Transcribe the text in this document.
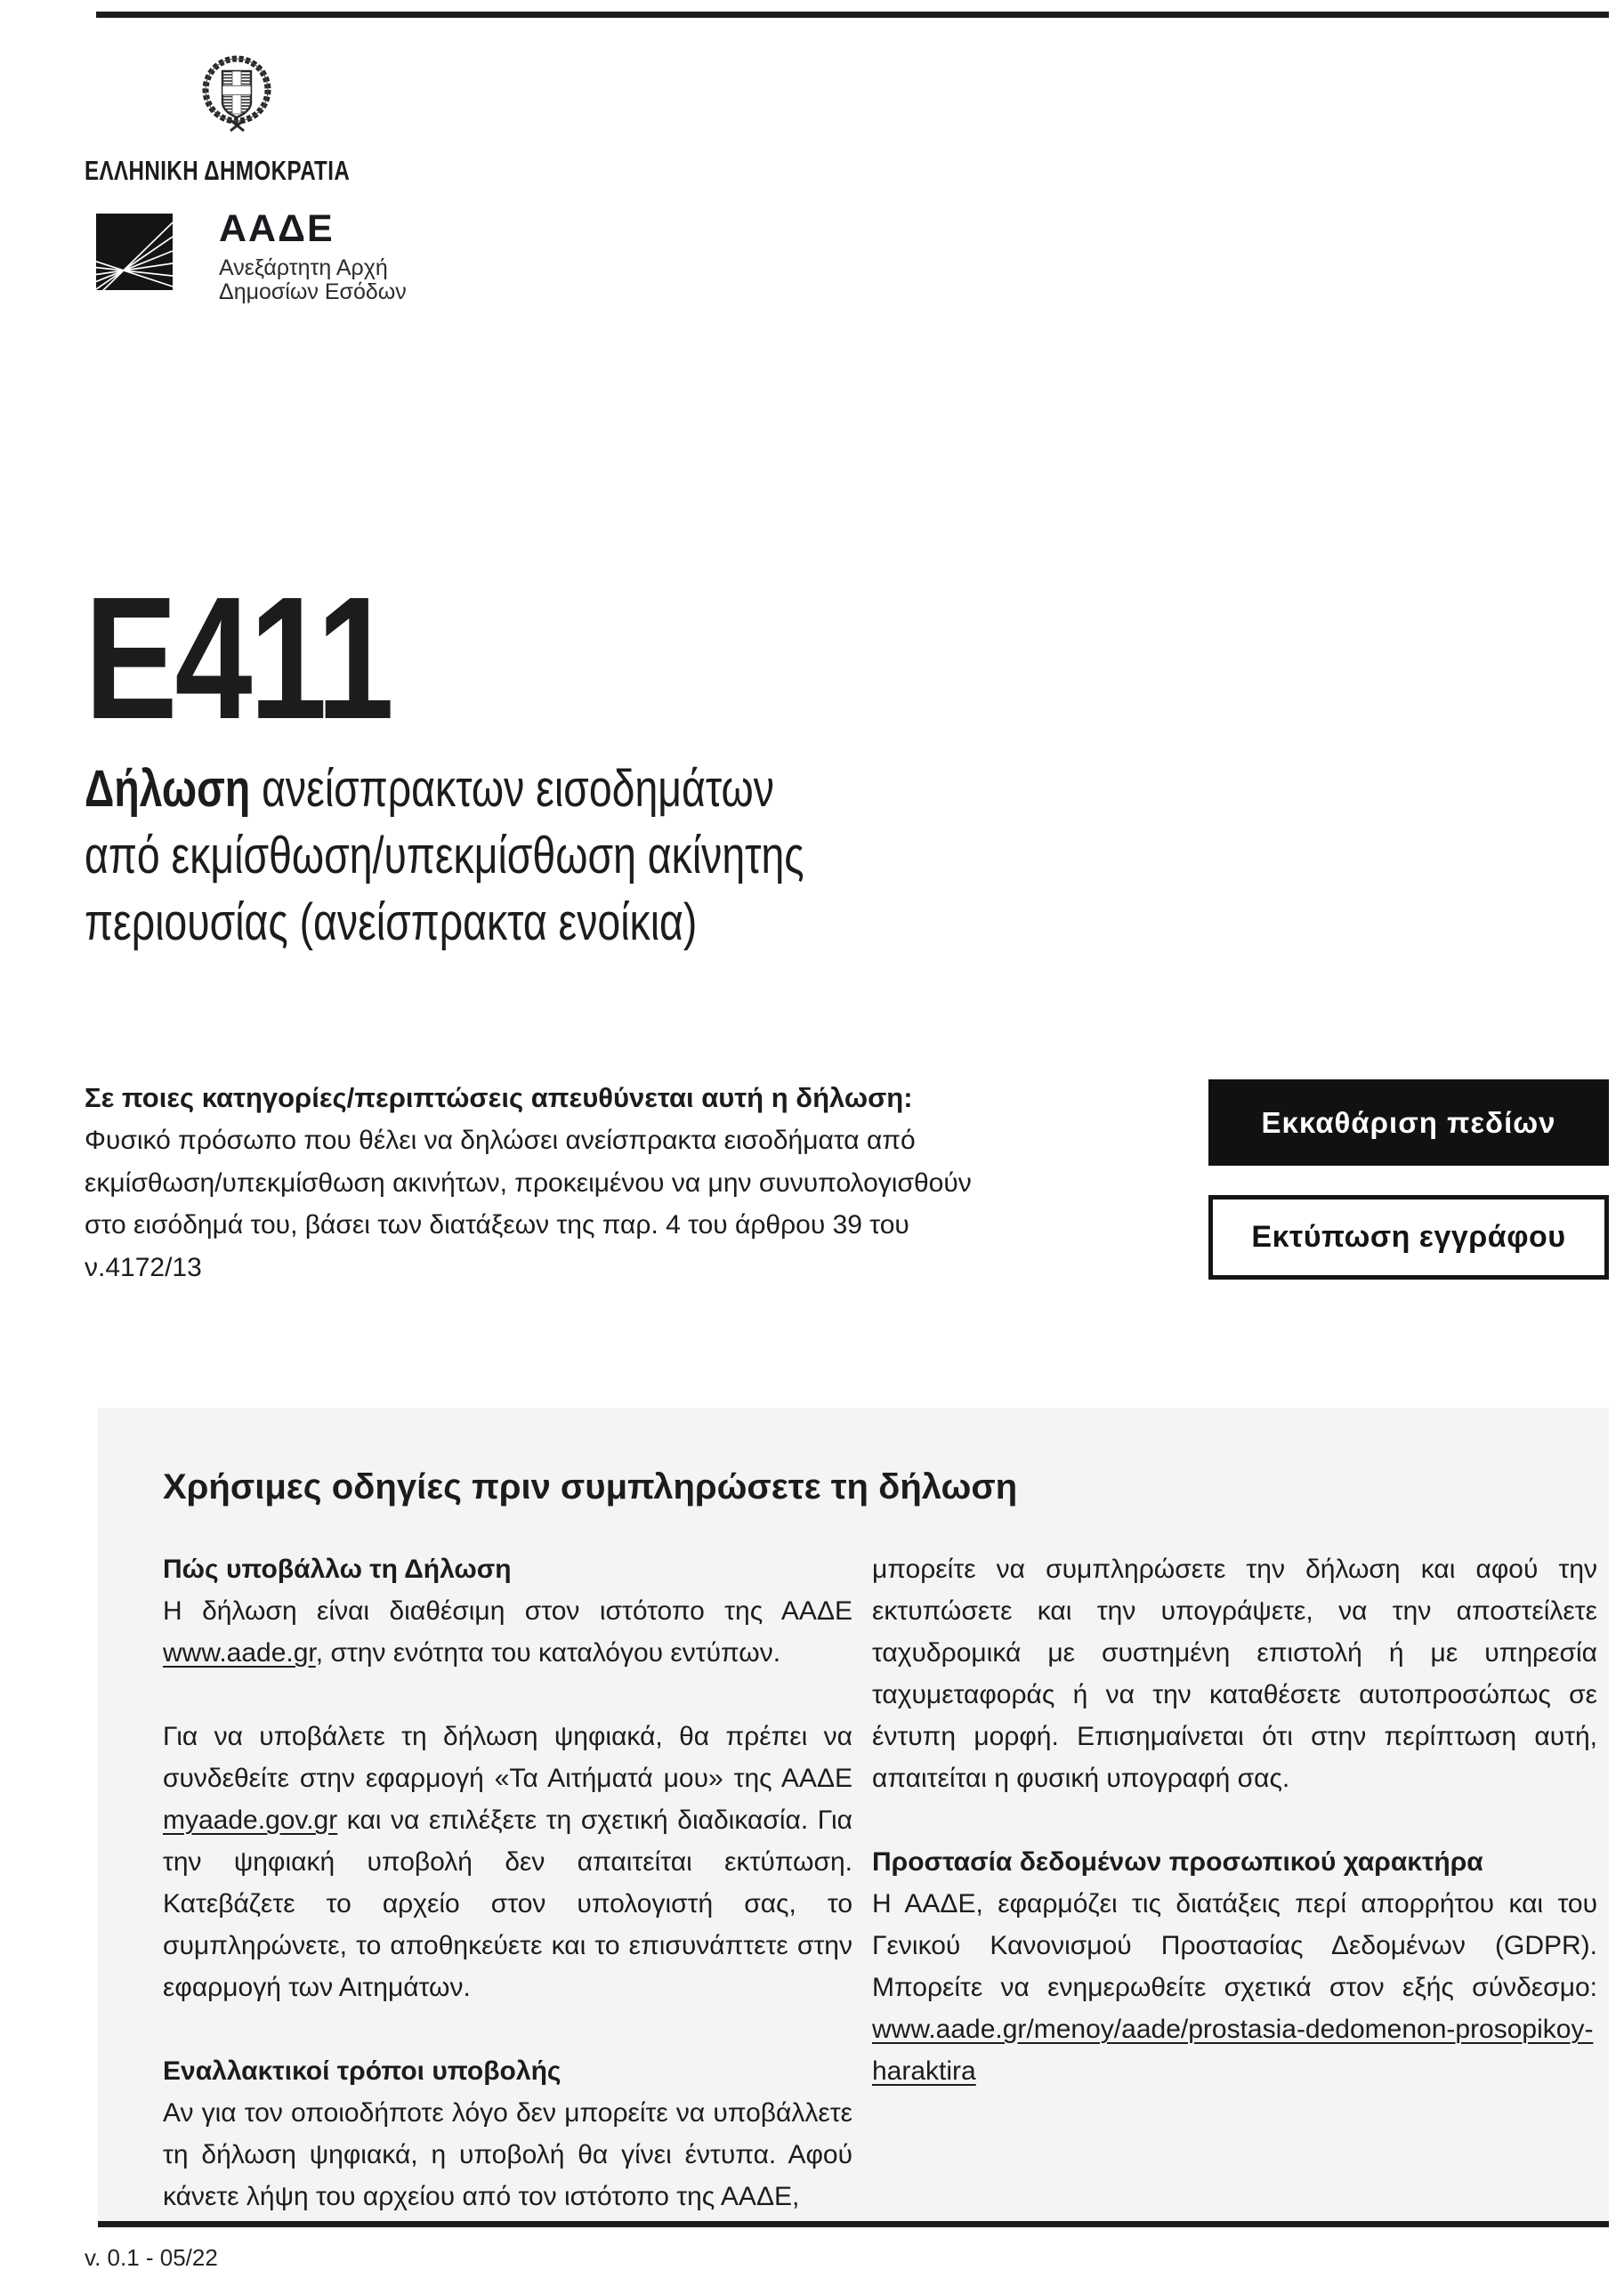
ΕΛΛΗΝΙΚΗ ΔΗΜΟΚΡΑΤΙΑ
ΑΑΔΕ
Ανεξάρτητη Αρχή
Δημοσίων Εσόδων
E411
Δήλωση ανείσπρακτων εισοδημάτων από εκμίσθωση/υπεκμίσθωση ακίνητης περιουσίας (ανείσπρακτα ενοίκια)

Σε ποιες κατηγορίες/περιπτώσεις απευθύνεται αυτή η δήλωση:

Φυσικό πρόσωπο που θέλει να δηλώσει ανείσπρακτα εισοδήματα από εκμίσθωση/υπεκμίσθωση ακινήτων, προκειμένου να μην συνυπολογισθούν στο εισόδημά του, βάσει των διατάξεων της παρ. 4 του άρθρου 39 του ν.4172/13

Εκκαθάριση πεδίων
Εκτύπωση εγγράφου
Χρήσιμες οδηγίες πριν συμπληρώσετε τη δήλωση
Πώς υποβάλλω τη Δήλωση

Η δήλωση είναι διαθέσιμη στον ιστότοπο της ΑΑΔΕ www.aade.gr, στην ενότητα του καταλόγου εντύπων.

Για να υποβάλετε τη δήλωση ψηφιακά, θα πρέπει να συνδεθείτε στην εφαρμογή «Τα Αιτήματά μου» της ΑΑΔΕ myaade.gov.gr και να επιλέξετε τη σχετική διαδικασία. Για την ψηφιακή υποβολή δεν απαιτείται εκτύπωση. Κατεβάζετε το αρχείο στον υπολογιστή σας, το συμπληρώνετε, το αποθηκεύετε και το επισυνάπτετε στην εφαρμογή των Αιτημάτων.

Εναλλακτικοί τρόποι υποβολής

Αν για τον οποιοδήποτε λόγο δεν μπορείτε να υποβάλλετε τη δήλωση ψηφιακά, η υποβολή θα γίνει έντυπα. Αφού κάνετε λήψη του αρχείου από τον ιστότοπο της ΑΑΔΕ,

μπορείτε να συμπληρώσετε την δήλωση και αφού την εκτυπώσετε και την υπογράψετε, να την αποστείλετε ταχυδρομικά με συστημένη επιστολή ή με υπηρεσία ταχυμεταφοράς ή να την καταθέσετε αυτοπροσώπως σε έντυπη μορφή. Επισημαίνεται ότι στην περίπτωση αυτή, απαιτείται η φυσική υπογραφή σας.

Προστασία δεδομένων προσωπικού χαρακτήρα

Η ΑΑΔΕ, εφαρμόζει τις διατάξεις περί απορρήτου και του Γενικού Κανονισμού Προστασίας Δεδομένων (GDPR). Μπορείτε να ενημερωθείτε σχετικά στον εξής σύνδεσμο: www.aade.gr/menoy/aade/prostasia-dedomenon-prosopikoy-haraktira

v. 0.1 - 05/22
